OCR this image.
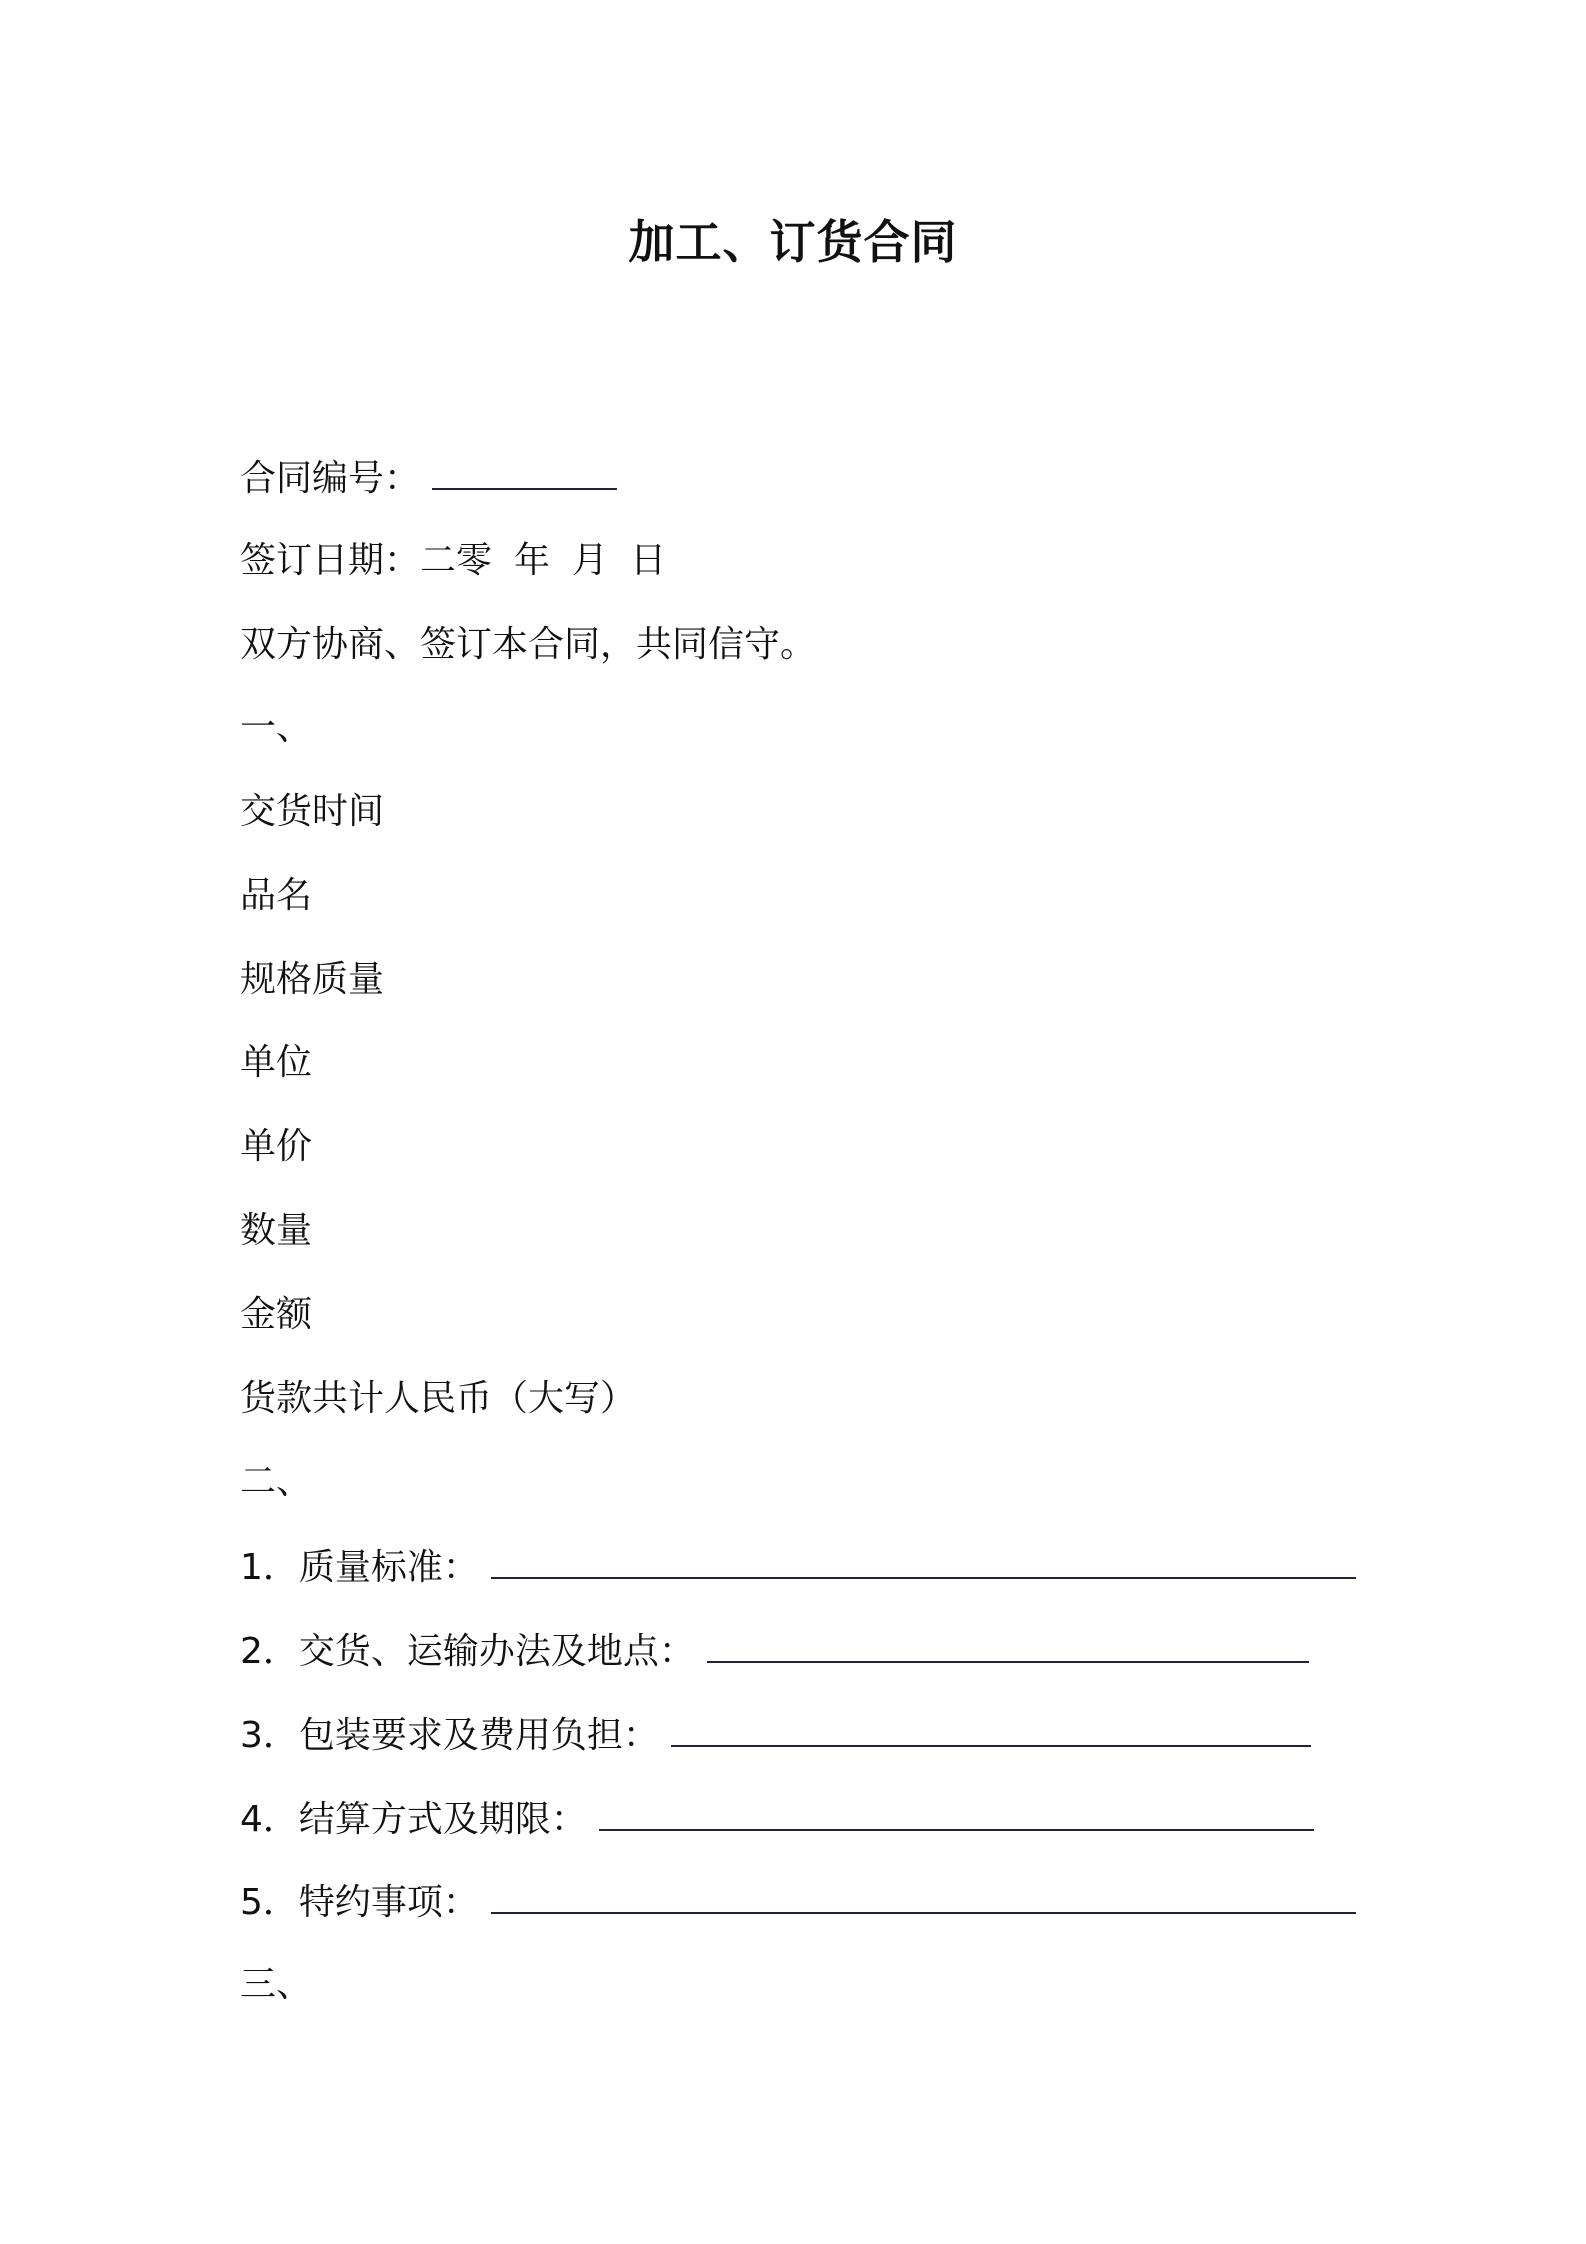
加工、订货合同
合同编号：
签订日期：二零 年 月 日
双方协商、签订本合同，共同信守。
一、
交货时间
品名
规格质量
单位
单价
数量
金额
货款共计人民币（大写）
二、
1．质量标准：
2．交货、运输办法及地点：
3．包装要求及费用负担：
4．结算方式及期限：
5．特约事项：
三、
